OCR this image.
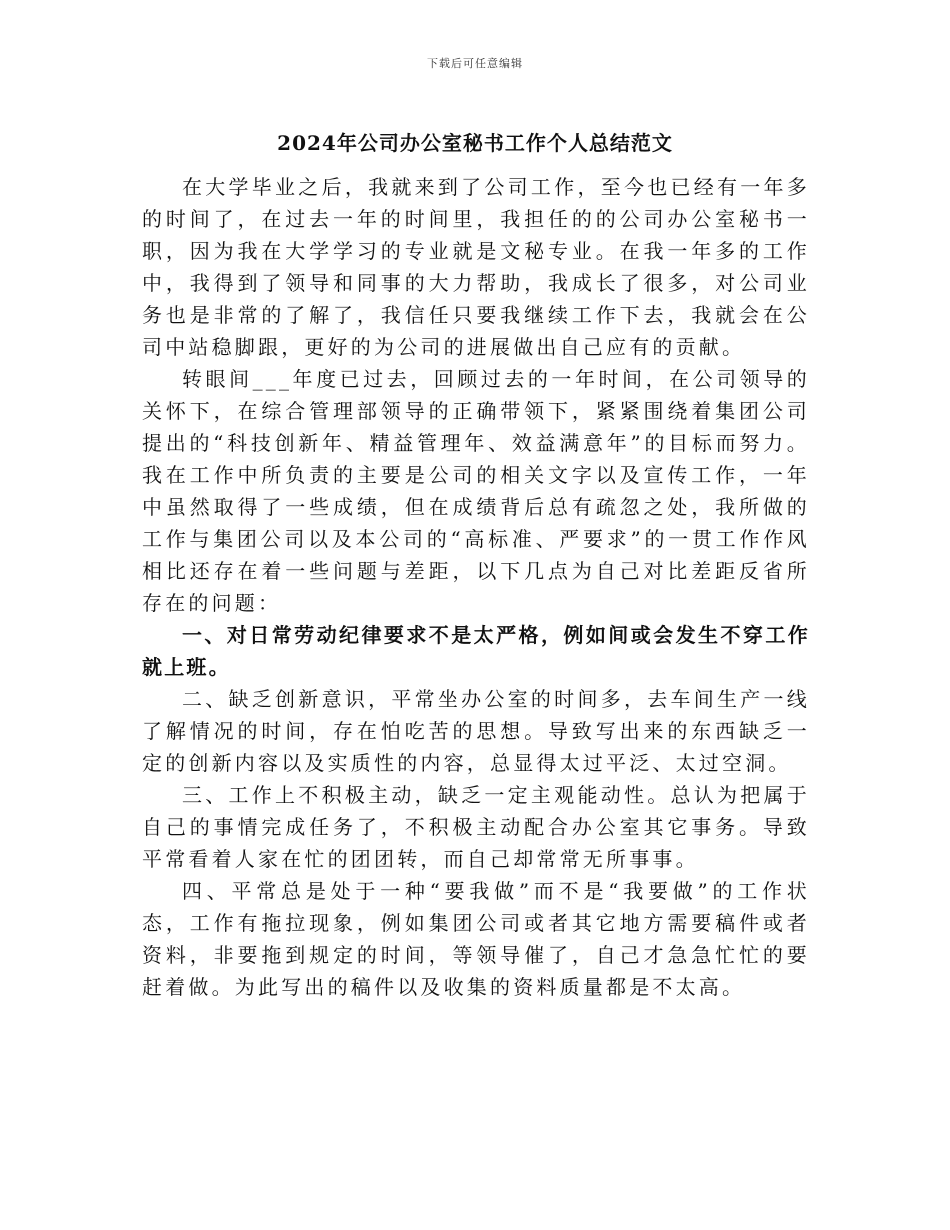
下载后可任意编辑
2024年公司办公室秘书工作个人总结范文

在大学毕业之后，我就来到了公司工作，至今也已经有一年多的时间了，在过去一年的时间里，我担任的的公司办公室秘书一职，因为我在大学学习的专业就是文秘专业。在我一年多的工作中，我得到了领导和同事的大力帮助，我成长了很多，对公司业务也是非常的了解了，我信任只要我继续工作下去，我就会在公司中站稳脚跟，更好的为公司的进展做出自己应有的贡献。

转眼间___年度已过去，回顾过去的一年时间，在公司领导的关怀下，在综合管理部领导的正确带领下，紧紧围绕着集团公司提出的“科技创新年、精益管理年、效益满意年”的目标而努力。我在工作中所负责的主要是公司的相关文字以及宣传工作，一年中虽然取得了一些成绩，但在成绩背后总有疏忽之处，我所做的工作与集团公司以及本公司的“高标准、严要求”的一贯工作作风相比还存在着一些问题与差距，以下几点为自己对比差距反省所存在的问题：

一、对日常劳动纪律要求不是太严格，例如间或会发生不穿工作就上班。

二、缺乏创新意识，平常坐办公室的时间多，去车间生产一线了解情况的时间，存在怕吃苦的思想。导致写出来的东西缺乏一定的创新内容以及实质性的内容，总显得太过平泛、太过空洞。

三、工作上不积极主动，缺乏一定主观能动性。总认为把属于自己的事情完成任务了，不积极主动配合办公室其它事务。导致平常看着人家在忙的团团转，而自己却常常无所事事。

四、平常总是处于一种“要我做”而不是“我要做”的工作状态，工作有拖拉现象，例如集团公司或者其它地方需要稿件或者资料，非要拖到规定的时间，等领导催了，自己才急急忙忙的要赶着做。为此写出的稿件以及收集的资料质量都是不太高。
